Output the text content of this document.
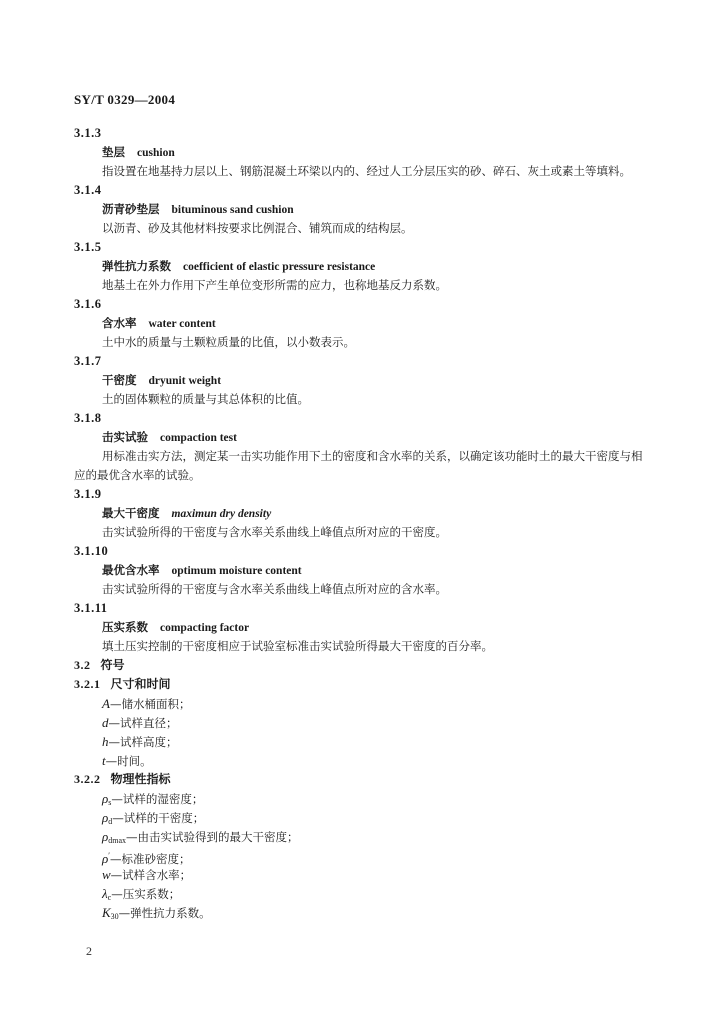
SY/T 0329—2004
3.1.3
垫层 cushion
指设置在地基持力层以上、钢筋混凝土环梁以内的、经过人工分层压实的砂、碎石、灰土或素土等填料。
3.1.4
沥青砂垫层 bituminous sand cushion
以沥青、砂及其他材料按要求比例混合、铺筑而成的结构层。
3.1.5
弹性抗力系数 coefficient of elastic pressure resistance
地基土在外力作用下产生单位变形所需的应力，也称地基反力系数。
3.1.6
含水率 water content
土中水的质量与土颗粒质量的比值，以小数表示。
3.1.7
干密度 dryunit weight
土的固体颗粒的质量与其总体积的比值。
3.1.8
击实试验 compaction test
用标准击实方法，测定某一击实功能作用下土的密度和含水率的关系，以确定该功能时土的最大干密度与相应的最优含水率的试验。
3.1.9
最大干密度 maximun dry density
击实试验所得的干密度与含水率关系曲线上峰值点所对应的干密度。
3.1.10
最优含水率 optimum moisture content
击实试验所得的干密度与含水率关系曲线上峰值点所对应的含水率。
3.1.11
压实系数 compacting factor
填土压实控制的干密度相应于试验室标准击实试验所得最大干密度的百分率。
3.2 符号
3.2.1 尺寸和时间
A—储水桶面积；
d—试样直径；
h—试样高度；
t—时间。
3.2.2 物理性指标
$\rho_s—$试样的湿密度；
$\rho_d—$试样的干密度；
$\rho_{dmax}—$由击实试验得到的最大干密度；
ρ′—标准砂密度；
w—试样含水率；
$\lambda_c—$压实系数；
$K_{30}—$弹性抗力系数。
2
